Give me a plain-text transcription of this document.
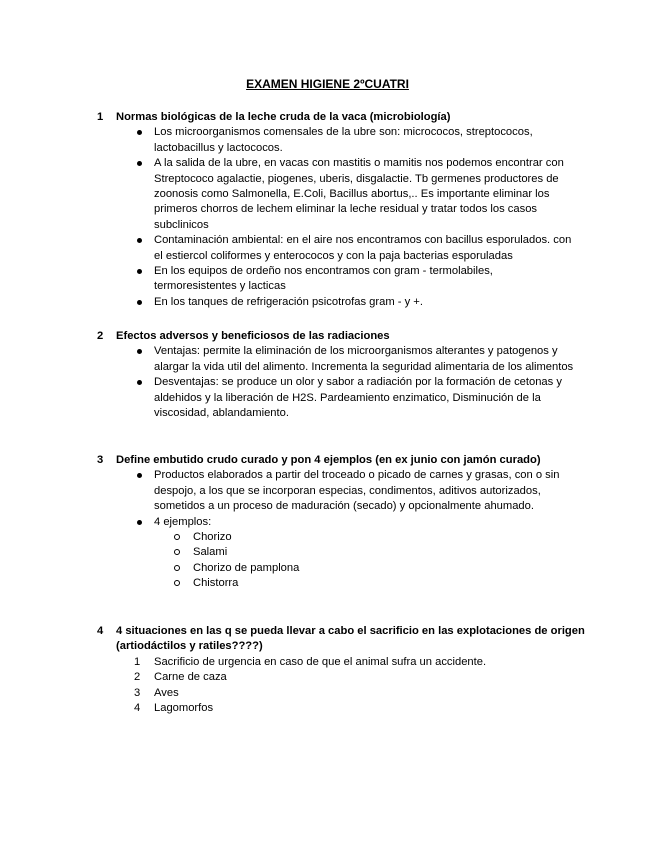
EXAMEN HIGIENE 2ºCUATRI
1 Normas biológicas de la leche cruda de la vaca (microbiología)
Los microorganismos comensales de la ubre son: micrococos, streptococos, lactobacillus y lactococos.
A la salida de la ubre, en vacas con mastitis o mamitis nos podemos encontrar con Streptococo agalactie, piogenes, uberis, disgalactie. Tb germenes productores de zoonosis como Salmonella, E.Coli, Bacillus abortus,.. Es importante eliminar los primeros chorros de lechem eliminar la leche residual y tratar todos los casos subclinicos
Contaminación ambiental: en el aire nos encontramos con bacillus esporulados. con el estiercol coliformes y enterococos y con la paja bacterias esporuladas
En los equipos de ordeño nos encontramos con gram - termolabiles, termoresistentes y lacticas
En los tanques de refrigeración psicotrofas gram - y +.
2 Efectos adversos y beneficiosos de las radiaciones
Ventajas: permite la eliminación de los microorganismos alterantes y patogenos y alargar la vida util del alimento. Incrementa la seguridad alimentaria de los alimentos
Desventajas: se produce un olor y sabor a radiación por la formación de cetonas y aldehidos y la liberación de H2S. Pardeamiento enzimatico, Disminución de la viscosidad, ablandamiento.
3 Define embutido crudo curado y pon 4 ejemplos (en ex junio con jamón curado)
Productos elaborados a partir del troceado o picado de carnes y grasas, con o sin despojo, a los que se incorporan especias, condimentos, aditivos autorizados, sometidos a un proceso de maduración (secado) y opcionalmente ahumado.
4 ejemplos:
Chorizo
Salami
Chorizo de pamplona
Chistorra
4 4 situaciones en las q se pueda llevar a cabo el sacrificio en las explotaciones de origen (artiodáctilos y ratiles????)
1 Sacrificio de urgencia en caso de que el animal sufra un accidente.
2 Carne de caza
3 Aves
4 Lagomorfos
